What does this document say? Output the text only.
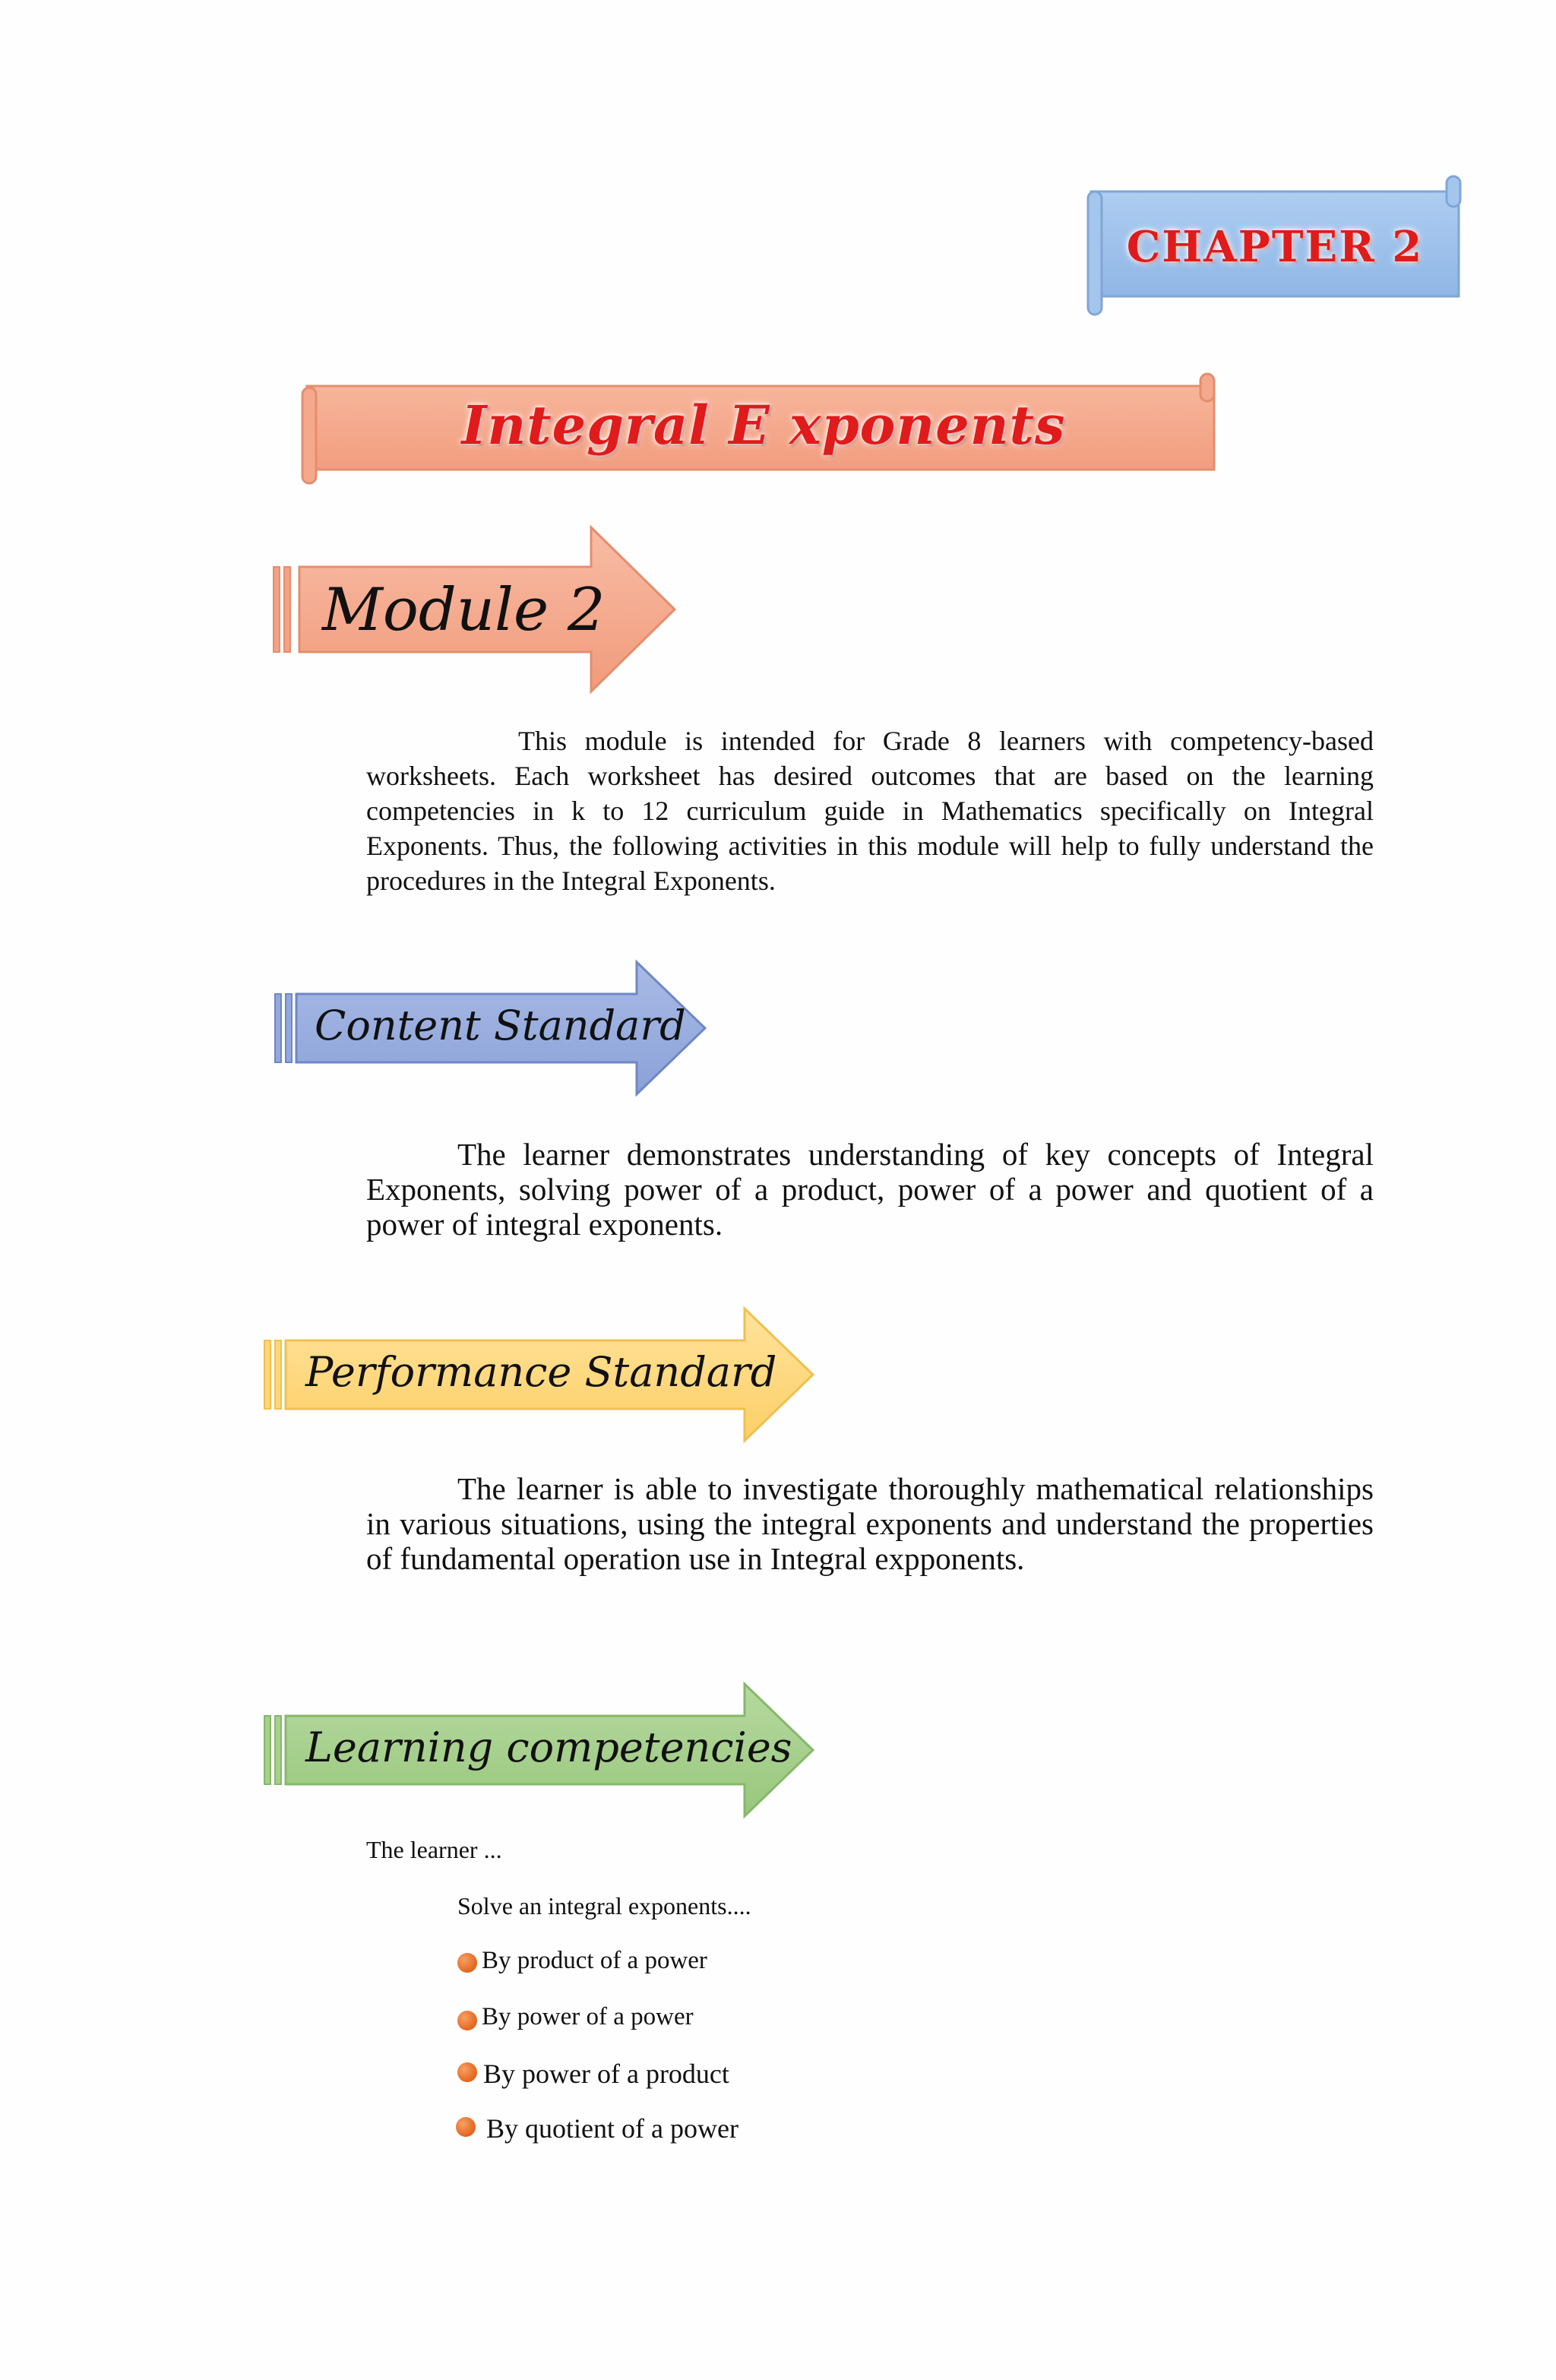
CHAPTER 2
Integral E xponents
Module 2
This module is intended for Grade 8 learners with competency-based worksheets. Each worksheet has desired outcomes that are based on the learning competencies in k to 12 curriculum guide in Mathematics specifically on Integral Exponents. Thus, the following activities in this module will help to fully understand the procedures in the Integral Exponents.
Content Standard
The learner demonstrates understanding of key concepts of Integral Exponents, solving power of a product, power of a power and quotient of a power of integral exponents.
Performance Standard
The learner is able to investigate thoroughly mathematical relationships in various situations, using the integral exponents and understand the properties of fundamental operation use in Integral expponents.
Learning competencies
The learner ...
Solve an integral exponents....
By product of a power
By power of a power
By power of a product
By quotient of a power
